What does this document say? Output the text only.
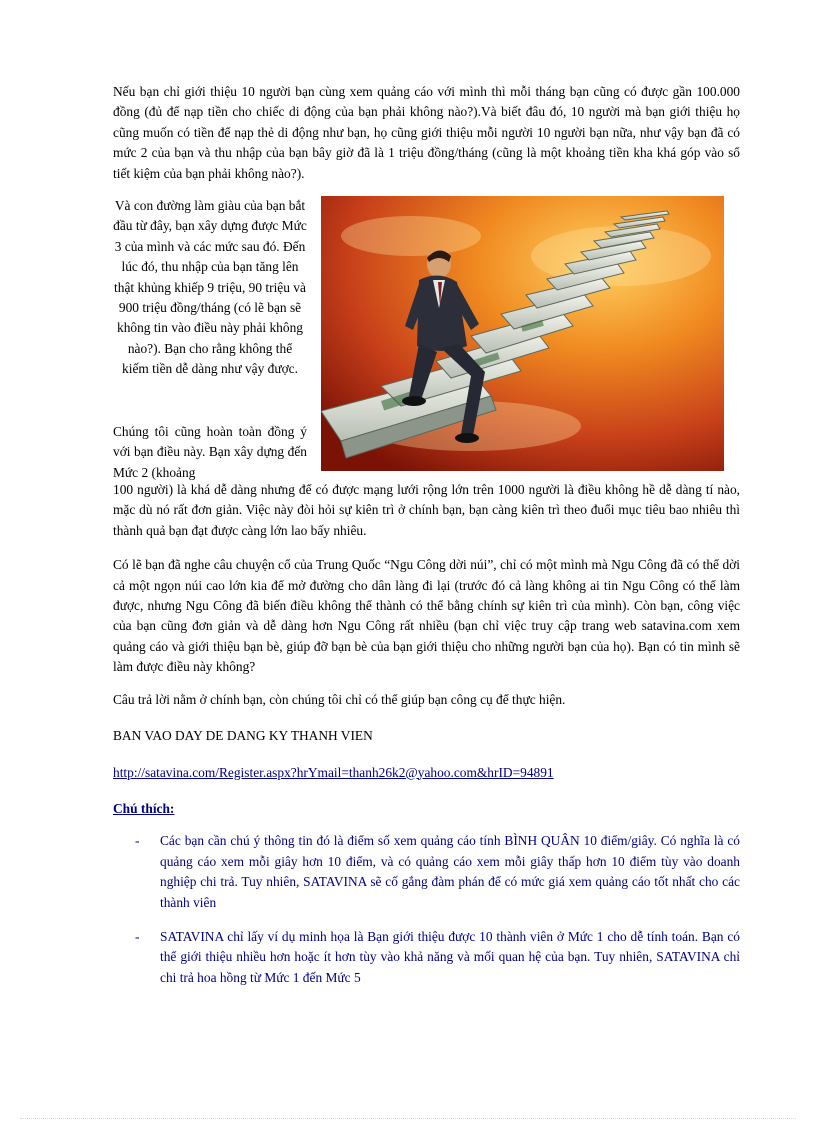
Nếu bạn chỉ giới thiệu 10 người bạn cùng xem quảng cáo với mình thì mỗi tháng bạn cũng có được gần 100.000 đồng (đủ để nạp tiền cho chiếc di động của bạn phải không nào?).Và biết đâu đó, 10 người mà bạn giới thiệu họ cũng muốn có tiền để nạp thẻ di động như bạn, họ cũng giới thiệu mỗi người 10 người bạn nữa, như vậy bạn đã có mức 2 của bạn và thu nhập của bạn bây giờ đã là 1 triệu đồng/tháng (cũng là một khoảng tiền kha khá góp vào sổ tiết kiệm của bạn phải không nào?).

Và con đường làm giàu của bạn bắt đầu từ đây, bạn xây dựng được Mức 3 của mình và các mức sau đó. Đến lúc đó, thu nhập của bạn tăng lên thật khủng khiếp 9 triệu, 90 triệu và 900 triệu đồng/tháng (có lẽ bạn sẽ không tin vào điều này phải không nào?). Bạn cho rằng không thể kiếm tiền dễ dàng như vậy được.
Chúng tôi cũng hoàn toàn đồng ý với bạn điều này. Bạn xây dựng đến Mức 2 (khoảng

100 người) là khá dễ dàng nhưng để có được mạng lưới rộng lớn trên 1000 người là điều không hề dễ dàng tí nào, mặc dù nó rất đơn giản. Việc này đòi hỏi sự kiên trì ở chính bạn, bạn càng kiên trì theo đuổi mục tiêu bao nhiêu thì thành quả bạn đạt được càng lớn lao bấy nhiêu.

Có lẽ bạn đã nghe câu chuyện cổ của Trung Quốc “Ngu Công dời núi”, chỉ có một mình mà Ngu Công đã có thể dời cả một ngọn núi cao lớn kia để mở đường cho dân làng đi lại (trước đó cả làng không ai tin Ngu Công có thể làm được, nhưng Ngu Công đã biến điều không thể thành có thể bằng chính sự kiên trì của mình). Còn bạn, công việc của bạn cũng đơn giản và dễ dàng hơn Ngu Công rất nhiều (bạn chỉ việc truy cập trang web satavina.com xem quảng cáo và giới thiệu bạn bè, giúp đỡ bạn bè của bạn giới thiệu cho những người bạn của họ). Bạn có tin mình sẽ làm được điều này không?

Câu trả lời nằm ở chính bạn, còn chúng tôi chỉ có thể giúp bạn công cụ để thực hiện.

BAN VAO DAY DE DANG KY THANH VIEN

http://satavina.com/Register.aspx?hrYmail=thanh26k2@yahoo.com&hrID=94891
Chú thích:
- Các bạn cần chú ý thông tin đó là điểm số xem quảng cáo tính BÌNH QUÂN 10 điểm/giây. Có nghĩa là có quảng cáo xem mỗi giây hơn 10 điểm, và có quảng cáo xem mỗi giây thấp hơn 10 điểm tùy vào doanh nghiệp chi trả. Tuy nhiên, SATAVINA sẽ cố gắng đàm phán để có mức giá xem quảng cáo tốt nhất cho các thành viên
- SATAVINA chỉ lấy ví dụ minh họa là Bạn giới thiệu được 10 thành viên ở Mức 1 cho dễ tính toán. Bạn có thể giới thiệu nhiều hơn hoặc ít hơn tùy vào khả năng và mối quan hệ của bạn. Tuy nhiên, SATAVINA chỉ chi trả hoa hồng từ Mức 1 đến Mức 5
